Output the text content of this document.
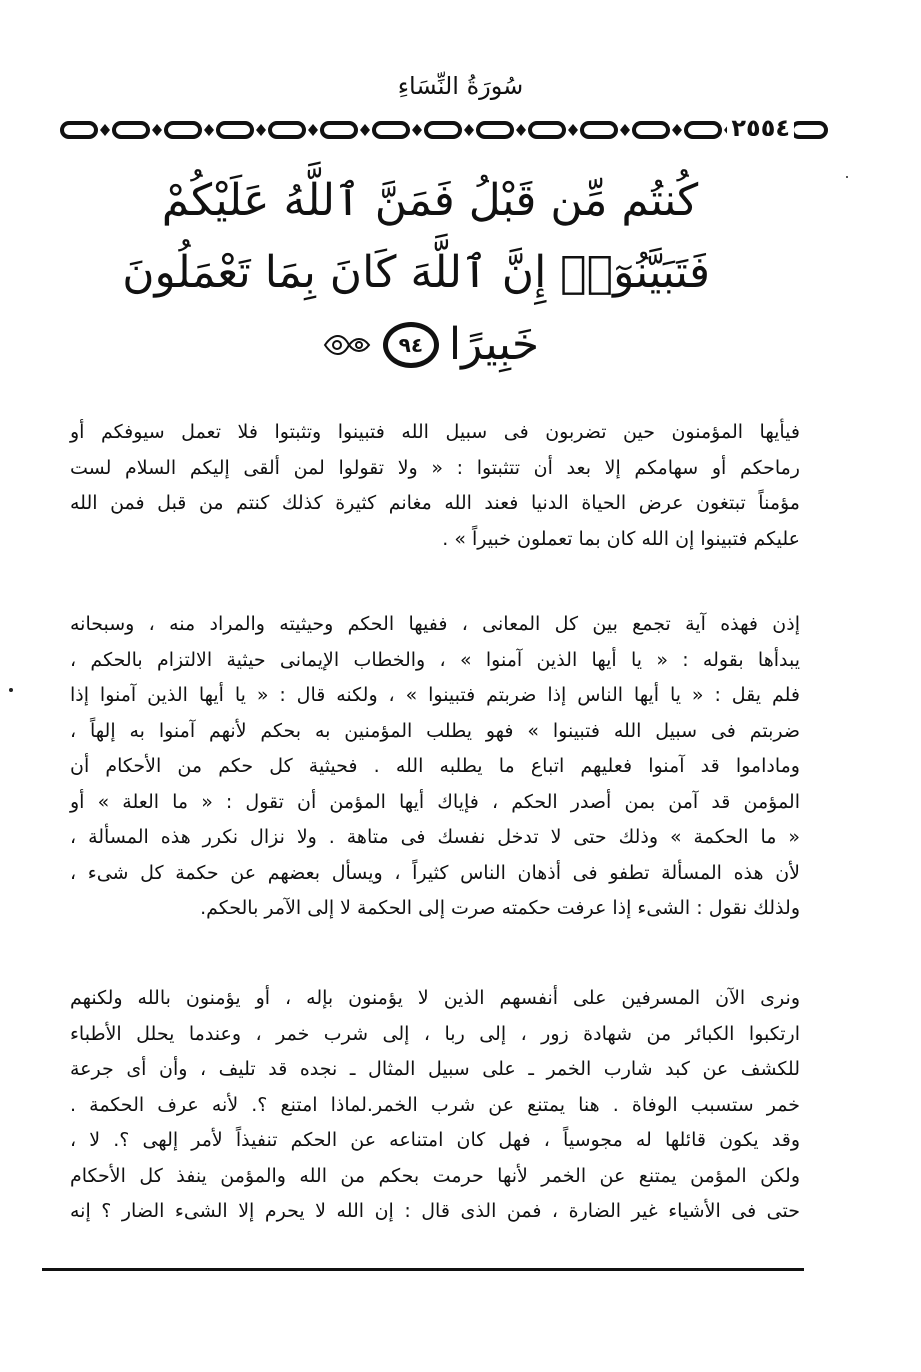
سُورَةُ النِّسَاءِ
٢٥٥٤
كُنتُم مِّن قَبْلُ فَمَنَّ ٱللَّهُ عَلَيْكُمْ
فَتَبَيَّنُوٓا۟ إِنَّ ٱللَّهَ كَانَ بِمَا تَعْمَلُونَ
خَبِيرًا
٩٤
فيأيها المؤمنون حين تضربون فى سبيل الله فتبينوا وتثبتوا فلا تعمل سيوفكم أو
رماحكم أو سهامكم إلا بعد أن تتثبتوا : « ولا تقولوا لمن ألقى إليكم السلام لست
مؤمناً تبتغون عرض الحياة الدنيا فعند الله مغانم كثيرة كذلك كنتم من قبل فمن الله
عليكم فتبينوا إن الله كان بما تعملون خبيراً » .
إذن فهذه آية تجمع بين كل المعانى ، ففيها الحكم وحيثيته والمراد منه ، وسبحانه
يبدأها بقوله : « يا أيها الذين آمنوا » ، والخطاب الإيمانى حيثية الالتزام بالحكم ،
فلم يقل : « يا أيها الناس إذا ضربتم فتبينوا » ، ولكنه قال : « يا أيها الذين آمنوا إذا
ضربتم فى سبيل الله فتبينوا » فهو يطلب المؤمنين به بحكم لأنهم آمنوا به إلهاً ،
وماداموا قد آمنوا فعليهم اتباع ما يطلبه الله . فحيثية كل حكم من الأحكام أن
المؤمن قد آمن بمن أصدر الحكم ، فإياك أيها المؤمن أن تقول : « ما العلة » أو
« ما الحكمة » وذلك حتى لا تدخل نفسك فى متاهة . ولا نزال نكرر هذه المسألة ،
لأن هذه المسألة تطفو فى أذهان الناس كثيراً ، ويسأل بعضهم عن حكمة كل شىء ،
ولذلك نقول : الشىء إذا عرفت حكمته صرت إلى الحكمة لا إلى الآمر بالحكم.
ونرى الآن المسرفين على أنفسهم الذين لا يؤمنون بإله ، أو يؤمنون بالله ولكنهم
ارتكبوا الكبائر من شهادة زور ، إلى ربا ، إلى شرب خمر ، وعندما يحلل الأطباء
للكشف عن كبد شارب الخمر ـ على سبيل المثال ـ نجده قد تليف ، وأن أى جرعة
خمر ستسبب الوفاة . هنا يمتنع عن شرب الخمر.لماذا امتنع ؟. لأنه عرف الحكمة .
وقد يكون قائلها له مجوسياً ، فهل كان امتناعه عن الحكم تنفيذاً لأمر إلهى ؟. لا ،
ولكن المؤمن يمتنع عن الخمر لأنها حرمت بحكم من الله والمؤمن ينفذ كل الأحكام
حتى فى الأشياء غير الضارة ، فمن الذى قال : إن الله لا يحرم إلا الشىء الضار ؟ إنه
